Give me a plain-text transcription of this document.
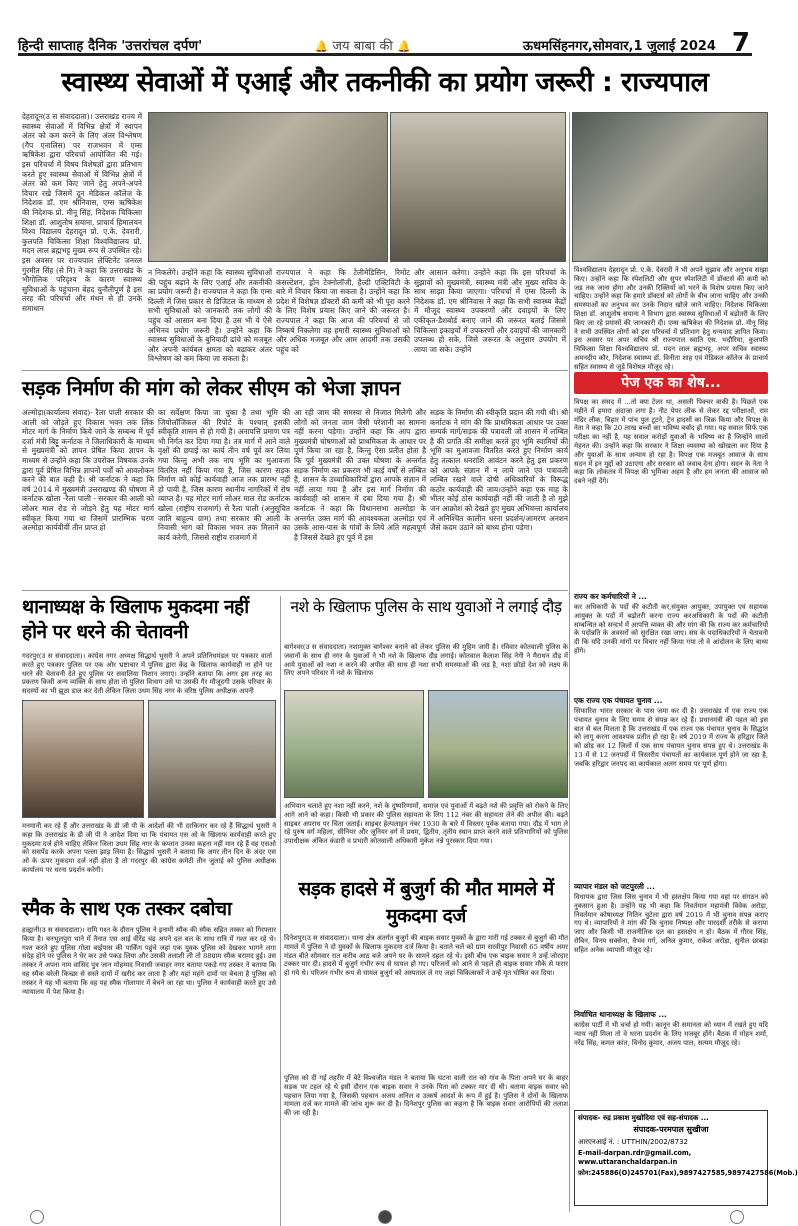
हिन्दी साप्ताह दैनिक 'उत्तरांचल दर्पण'	🔔 जय बाबा की 🔔	ऊधमसिंहनगर,सोमवार,1 जुलाई 2024 7
स्वास्थ्य सेवाओं में एआई और तकनीकी का प्रयोग जरूरी : राज्यपाल
देहरादून(उ स संवाददाता)। उत्तराखंड राज्य में स्वास्थ्य सेवाओं में विभिन्न क्षेत्रों में स्थापन अंतर को कम करने के लिए अंतर विश्लेषण (गैप एनालिस) पर राजभवन में एम्स ऋषिकेश द्वारा परिचर्चा आयोजित की गई। इस परिचर्चा में विषय विशेषज्ञों द्वारा प्रतिभाग करते हुए स्वास्थ्य सेवाओं में विभिन्न क्षेत्रों में अंतर को कम किए जाने हेतु अपने-अपने विचार रखे जिसमें दून मेडिकल कॉलेज के निदेशक डॉ. एम श्रीनिवास, एम्स ऋषिकेश की निदेशक प्रो. मीनू सिंह, निदेशक चिकित्सा शिक्षा डॉ. आशुतोष सयाना, प्राचार्य हिमालयन विश्व विद्यालय देहरादून प्रो. ए.के. देवरारी, कुलपति चिकित्सा शिक्षा विश्वविद्यालय प्रो. मदन लाल ब्रह्मभट्ट मुख्य रूप से उपस्थित रहे। इस अवसर पर राज्यपाल लेफ्टिनेंट जनरल गुरमीत सिंह (से नि) ने कहा कि उत्तराखंड के भौगोलिक परिदृश्य के कारण स्वास्थ्य सुविधाओं के पहुंचाना बेहद चुनौतीपूर्ण है इस तरह की परिचर्चा और मंथन से ही उनके समाधान
न निकलेंगे। उन्होंने कहा कि स्वास्थ्य सुविधाओं की पहुंच बढ़ाने के लिए एआई और तकनीकी का प्रयोग जरूरी है। राज्यपाल ने कहा कि एम्स दिल्ली में जिस प्रकार से डिजिटल के माध्यम से सभी सुविधाओं को जानकारी तक लोगों की पहुंच को आसान बना दिया है उस भी ये ऐसे अभिनव प्रयोग जरूरी है। उन्होंने कहा कि स्वास्थ्य सुविधाओं के बुनियादी ढांचे को मजबूत और अपनी कार्यबल क्षमता को बढ़ाकर अंतर विश्लेषण को कम किया जा सकता है।
राज्यपाल ने कहा कि टेलीमेडिसिन, रिमोट कंसल्टेशन, ड्रोन टेक्नोलॉजी, हैल्दी एक्टिविटी के बारे में विचार किया जा सकता है। उन्होंने कहा कि प्रदेश में विशेषज्ञ डॉक्टरों की कमी को भी पूरा करने के लिए विशेष प्रयास किए जाने की जरूरत है। राज्यपाल ने कहा कि आज की परिचर्चा से जो निष्कर्ष निकलेगा वह हमारी स्वास्थ्य सुविधाओं को और अधिक मजबूत और आम आदमी तक उसकी पहुंच को
और आसान करेगा। उन्होंने कहा कि इस परिचर्चा के सुझावों को मुख्यमंत्री, स्वास्थ्य मंत्री और मुख्य सचिव के साथ साझा किया जाएगा। परिचर्चा में एम्स दिल्ली के निदेशक डॉ. एम श्रीनिवास ने कहा कि सभी स्वास्थ्य केंद्रों में मौजूद स्वास्थ्य उपकरणों और दवाइयों के लिए एकीकृत-डैशबोर्ड बनाए जाने की जरूरत बताई जिससे चिकित्सा इकाइयों में उपकरणों और दवाइयों की जानकारी उपलब्ध हो सके, जिसे जरूरत के अनुसार उपयोग में लाया जा सके। उन्होंने
सड़क निर्माण की मांग को लेकर सीएम को भेजा ज्ञापन
अल्मोड़ा(कार्यालय संवाद)- रैला पाली सरकार की आली को जोड़ते हुए विकास भवन तक लिंक मोटर मार्ग के निर्माण किये जाने के सम्बन्ध में पूर्व दर्जा मंत्री बिट्टू कर्नाटक ने जिलाधिकारी के माध्यम से मुख्यमंत्री को ज्ञापन प्रेषित किया ज्ञापन के माध्यम से उन्होंने कहा कि उपरोक्त विषयक उनके द्वारा पूर्व प्रेषित विभिन्न ज्ञापनों पर्वों को आवलोकन करने की बात कही है। श्री कर्नाटक ने कहा कि वर्ष 2014 में मुख्यमंत्री उत्तराखण्ड की घोषणा में कर्नाटक खोला -रैला पाली - सरकार की आली को लोअर माल रोड से जोड़ने हेतु यह मोटर मार्ग स्वीकृत किया गया था जिसमें प्रारम्भिक चरण अल्मोड़ा कार्यवीर्यी तीन प्राप्त हो
का सर्वेक्षण किया जा चुका है तथा भूमि की जियोलॉजिकल की रिपोर्ट के पश्चात् इसकी स्वीकृति शासन से हो गयी है। अनापत्ति प्रमाण पत्र भी निर्गत कर दिया गया है। तत्र मार्ग में आने वाले वृक्षों की छपाई का कार्य तीन वर्ष पूर्व कर लिया गया किन्तु अभी तक नाप भूमि का मुआवजा वितरित नहीं किया गया है, जिस कारण सड़क निर्माण को कोई कार्यवाही आज तक प्रारम्भ नहीं हो पायी है, जिस कारण स्थानीय नागरिकों में रोष व्याप्त है। यह मोटर मार्ग लोअर माल रोड कर्नाटक खोला (राष्ट्रीय राजमार्ग) से रैला पाली (अनुसूचित जाति बाहुल्य ग्राम) तथा सरकार की आली के निवासी भाग को विकास भवन तक मिलाने का कार्य करेगी, जिससे राष्ट्रीय राजमार्ग में
आ रही जाम की समस्या से निजात मिलेगी और लोगों को जनता जाम जैसी परेशानी का सामना नहीं करना पड़ेगा। उन्होंने कहा कि आप द्वारा मुख्यमंत्री घोषणाओं को प्राथमिकता के आधार पर पूर्ण किया जा रहा है, किन्तु ऐसा प्रतीत होता है कि पूर्व मुख्यमंत्री की उक्त घोषणा के अन्तर्गत सड़क निर्माण का प्रकरण भी काई वर्षों से लम्बित है, शासन के उच्चाधिकारियों द्वारा आपके संज्ञान में नहीं लाया गया है और इस मार्ग निर्माण की कार्यवाही को शासन में दबा दिया गया है। श्री कर्नाटक ने कहा कि विधानसभा अल्मोड़ा के अन्तर्गत उक्त मार्ग की आवश्यकता अल्मोड़ा एवं उसके आस-पास के गांवों के लिये अति महत्वपूर्ण है जिससे देखते हुए पूर्व में इस
सड़क के निर्माण की स्वीकृति प्रदान की गयी थी। श्री कर्नाटक ने मांग की कि प्राथमिकता आधार पर उक्त सम्पर्क मार्ग/सड़क की पत्रावली जो शासन में लम्बित है की प्रगति की समीक्षा करते हुए भूमि स्वामियों की भूमि का मुआवजा वितरित करते हुए निर्माण कार्य हेतु तत्काल धनराशि आवंटन करने हेतु इस प्रकरण को आपके संज्ञान में न लाये जाने एवं पत्रावली लम्बित रखने वाले दोषी अधिकारियों के विरूद्ध कठोर कार्यवाही की जाय।उन्होंने कहा एक माह के भीतर कोई ठोस कार्यवाही नहीं की जाती है तो मुझे जन आक्रोश को देखते हुए मुख्य अभियन्ता कार्यालय में अनिश्चित कालीन धरना प्रदर्शन/आमरण अनशन जैसे कदम उठाने को बाध्य होना पड़ेगा।
थानाध्यक्ष के खिलाफ मुकदमा नहीं होने पर धरने की चेतावनी
गदरपुर(उ स संवाददाता)। कांग्रेस नगर अध्यक्ष सिद्धार्थ भुसरी ने अपने प्रतिनिधमंडल पर पत्रकार वार्ता करते हुए पत्रकार पुलिस पर एक ओर भ्रष्टाचार में पुलिस द्वारा केंद्र के खिलाफ कार्यवाही ना होने पर धरने की चेतावनी देते हुए पुलिस पर सवालिया निशान लगाए। उन्होंने बताया कि अगर इस तरह का प्रकरण किसी अन्य व्यक्ति के साथ होता तो पुलिस विभाग उसे या उसकी गैर मौजूदगी उसके परिवार के सदस्यों का भी झूठा डाल कर देती लेकिन जिला उधम सिंह नगर के वरिष्ठ पुलिस अधीक्षक अपनी
मनमानी कर रहे हैं और उत्तराखंड के डी जी पी के आदेशों की भी दरकिनार कर रहे हैं सिद्धार्थ भुसरी ने कहा कि उत्तराखंड के डी जी पी ने आदेश दिया था कि पंचायत एस ओ के खिलाफ कार्यवाही करते हुए मुकदमा दर्ज होने चाहिए लेकिन जिला उधम सिंह नगर के कप्तान उनका कहना नहीं मान रहे हैं वह एसओ को ससपेंड करके अपना पल्ला झाड़ लिया है। सिद्धार्थ भुसरी ने बताया कि अगर तीन दिन के अंदर एस ओ के ऊपर मुकदमा दर्ज नहीं होता है तो गदरपुर की कांग्रेस कमेटी तीन जुलाई को पुलिस अधीक्षक कार्यालय पर धरना प्रदर्शन करेगी।
नशे के खिलाफ पुलिस के साथ युवाओं ने लगाई दौड़
बागेश्वर(उ स संवाददाता) नशामुक्त बागेश्वर बनाने को लेकर पुलिस की मुहिम जारी है। रविवार कोतवाली पुलिस के जवानों के साथ ही नगर के युवाओं ने भी नशे के खिलाफ दौड़ लगाई। कोतवाल कैलाश सिंह नेगी ने मैराथन दौड़ में आये युवाओं को नशा न करने की अपील की साथ ही नशा सभी समस्याओं की जड़ है, नशा छोड़ो देश को लक्ष्य के लिए अपने परिवार में नशे के खिलाफ
अभियान चलाते हुए नशा नहीं करने, नशे के दुष्परिणामों, समाज एवं युवाओं में बढ़ते नशे की प्रवृत्ति को रोकने के लिए आगे आने को कहा। किसी भी प्रकार की पुलिस सहायता के लिए 112 नंबर की सहायता लेने की अपील की। बढ़ते साइबर अपराध पर चिंता जताई। साइबर हेल्पलाइन नंबर 1930 के बारे में विस्तार पूर्वक बताया गया। दौड़ में भाग ले रहे पुरुष वर्ग महिला, सीनियर और जूनियर वर्ग में प्रथम, द्वितीय, तृतीय स्थान प्राप्त करने वाले प्रतिभागियों को पुलिस उपाधीक्षक अंकित कंडारी व प्रभारी कोतवाली अधिकारी मुकेश नन्ने पुरस्कार दिया गया।
स्मैक के साथ एक तस्कर दबोचा
हल्द्वानी(उ स संवाददाता)। रामि गश्त के दौरान पुलिस ने इनामी स्मैक की स्मैक सहित तस्कर को गिरफ्तार किया है। बनभूलपुरा थाने में तैनात एस आई वीरेंद्र चंद्र अपने दल बल के साथ रात्रि में गश्त कर रहे थे। गश्त करते हुए पुलिस गोला बाईपास की पार्किंग पहुंचे जहां एक युवक पुलिस को देखकर भागने लगा संदेह होने पर पुलिस ने घेर कर उसे पकड़ लिया और उसकी तलाशी ली तो 88ग्राम स्मैक बरामद हुई। उस तस्कर ने अपना नाम वासिद पुत्र जान मोहम्मद निवासी जवाहर नगर बताया पकड़े गए तस्कर ने बताया कि वह स्मैक बरेली किच्छा से सस्ते दामों में खरीद कर लाता है और यहां महंगे दामों पर बेचता है पुलिस को तस्कर ने यह भी बताया कि वह यह स्मैक गोलापार में बेचने जा रहा था। पुलिस ने कार्यवाही करते हुए उसे न्यायालय में पेश किया है।
सड़क हादसे में बुजुर्ग की मौत मामले में मुकदमा दर्ज
दिनेशपुर(उ स संवाददाता)। थाना क्षेत्र अंतर्गत बुजुर्ग की बाइक सवार युवकों के द्वारा मारी गई टक्कर से बुजुर्ग की मौत मामले में पुलिस ने दो युवकों के खिलाफ मुकदमा दर्ज किया है। बताते चलें को ग्राम सरवीपुर निवासी 65 वर्षीय अमर मंडल बीते सोमवार रात करीब आठ बजे अपने घर के सामने दहल रहे थे। इसी बीच एक बाइक सवार ने उन्हें जोरदार टक्कर मार दी। हादसे में बुजुर्ग गंभीर रूप से घायल हो गए। परिजनों को आने से पहले ही बाइक सवार मौके से फरार हो गये थे। परिजन गंभीर रूप से घायल बुजुर्ग को अस्पताल ले गए जहां चिकित्सकों ने उन्हें मृत घोषित कर दिया।
पुलिस को दी गई तहरीर में बेटे विश्वजीत मंडल ने बताया कि घटना वाली रात को गांव के पिता अपने घर के बाहर सड़क पर टहल रहे थे इसी दौरान एक बाइक सवार ने उनके पिता को टक्कर मार दी थी। बताया बाइक सवार को पहचान लिया गया है, जिसकी पहचान अजय अनिल व उत्कर्ष आदर्श के रूप में हुई है। पुलिस ने दोनों के खिलाफ मामला दर्ज कर मामले की जांच शुरू कर दी है। दिनेशपुर पुलिस का कहना है कि बाइक सवार आरोपियों की तलाश की जा रही है।
विश्वविद्यालय देहरादून प्रो. ए.के. देवरारी ने भी अपने सुझाव और अनुभव साझा किए। उन्होंने कहा कि स्पेशलिटी और सुपर स्पेशलिटी में डॉक्टर्स की कमी को जड़ तक जाना होगा और उनकी रिक्तियों को भरने के विशेष प्रयास किए जाने चाहिए। उन्होंने कहा कि हमारे डॉक्टर्स को लोगों के बीच जाना चाहिए और उनकी समस्याओं का अनुभव कर उनके निदान खोजे जाने चाहिए। निदेशक चिकित्सा शिक्षा डॉ. आशुतोष सयाना ने विभाग द्वारा स्वास्थ्य सुविधाओं में बढ़ोतरी के लिए किए जा रहे प्रयासों की जानकारी दी। एम्स ऋषिकेश की निदेशक प्रो. मीनू सिंह ने सभी उपस्थित लोगों को इस परिचर्चा में प्रतिभाग हेतु धन्यवाद ज्ञापित किया। इस अवसर पर अपर सचिव श्री राज्यपाल स्वाति एस. भदौरिया, कुलपति चिकित्सा शिक्षा विश्वविद्यालय प्रो. मदन लाल ब्रह्मभट्ट, अपर सचिव स्वास्थ्य अमनदीप कौर, निदेशक स्वास्थ्य डॉ. विनीता शाह एवं मेडिकल कॉलेज के प्राचार्य सहित स्वास्थ्य से जुड़े विशेषज्ञ मौजूद रहे।
पेज एक का शेष...
विपक्ष का संसद में ...तो क्या टेलर था, असली पिक्चर बाकी है। पिछले एक महीने में हमारा अंदाजा लगा है। नीट पेपर लीक से लेकर रद्द परीक्षाओं, राम मंदिर लीक, बिहार में पांच पुल टूटने, ट्रेन हादसों का जिक्र किया और विपक्ष के नेता ने कहा कि 20 लाख बच्चों का भविष्य बर्बाद हो गया। यह सवाल सिर्फ एक परीक्षा का नहीं है, यह सवाल करोड़ों युवाओं के भविष्य का है जिन्होंने सालों मेहनत की। उन्होंने कहा कि सरकार ने शिक्षा व्यवस्था को खोखला कर दिया है और युवाओं के साथ अन्याय हो रहा है। विपक्ष एक मजबूत आवाज के साथ सदन में इन मुद्दों को उठाएगा और सरकार को जवाब देना होगा। सदन के नेता ने कहा कि लोकतंत्र में विपक्ष की भूमिका अहम है और हम जनता की आवाज को दबने नहीं देंगे।
राज्य कर कर्मचारियों ने ...
कर अधिकारी के पदों की कटौती कर,संयुक्त आयुक्त, उपायुक्त एवं सहायक आयुक्त के पदों में बढ़ोतरी करना राज्य करअधिकारी के पदों की कटौती सम्बन्धित को सन्दर्भ में आपत्ति व्यक्त की और मांग की कि राज्य कर कर्मचारियों के पदोन्नति के अवसरों को सुरक्षित रखा जाए। संघ के पदाधिकारियों ने चेतावनी दी कि यदि उनकी मांगों पर विचार नहीं किया गया तो वे आंदोलन के लिए बाध्य होंगे।
एक राज्य एक पंचायत चुनाव ...
सिफारिश भारत सरकार के पास जमा कर दी है। उत्तराखंड में एक राज्य एक पंचायत चुनाव के लिए समय से संपन्न कर रहे हैं। प्रधानमंत्री की पहल को इस बात से बल मिलता है कि उत्तराखंड में एक राज्य एक पंचायत चुनाव के सिद्धांत को लागू करना आवश्यक प्रतीत हो रहा है। वर्ष 2019 में राज्य के हरिद्वार जिले को छोड़ कर 12 जिलों में एक साथ पंचायत चुनाव संपन्न हुए थे। उत्तराखंड के 13 में से 12 जनपदों में त्रिस्तरीय पंचायतों का कार्यकाल पूर्ण होने जा रहा है, जबकि हरिद्वार जनपद का कार्यकाल अलग समय पर पूर्ण होगा।
व्यापार मंडल को जटपुरली ...
विधायक द्वारा जिस जिस चुनाव में भी हस्तक्षेप किया गया वहां पर संगठन को नुकसान हुआ है। उन्होंने यह भी कहा कि निवर्तमान महामंत्री विवेक अरोड़ा, निवर्तमान कोषाध्यक्ष नितिन चुटेला द्वारा वर्ष 2019 में भी चुनाव संपन्न कराए गए थे। व्यापारियों ने मांग की कि चुनाव निष्पक्ष और पारदर्शी तरीके से कराया जाए और किसी भी राजनीतिक दल का हस्तक्षेप न हो। बैठक में गौरव सिंह, रोबिन, विनय सक्सेना, वैभव गर्ग, अनिल कुमार, राकेश अरोड़ा, सुनील छाबड़ा सहित अनेक व्यापारी मौजूद रहे।
निर्वाचित थानाध्यक्ष के खिलाफ ...
कांग्रेस पार्टी में भी चर्चा हो गयी। कानून की समानता को ध्यान में रखते हुए यदि न्याय नहीं मिला तो वे धरना प्रदर्शन के लिए मजबूर होंगे। बैठक में मोहन शर्मा, नरेंद्र सिंह, कमल कांत, विनोद कुमार, अजय पाल, सत्यम मौजूद रहे।
संपादक- रुद्र प्रकाश मुखोदिया एवं सह-संपादक ...
संपादक-परमपाल सुखीजा
आरएनआई नं. : UTTHIN/2002/8732
E-mail-darpan.rdr@gmail.com, www.uttaranchaldarpan.in
फ़ोन:245886(O)245701(Fax),9897427585,9897427586(Mob.)
